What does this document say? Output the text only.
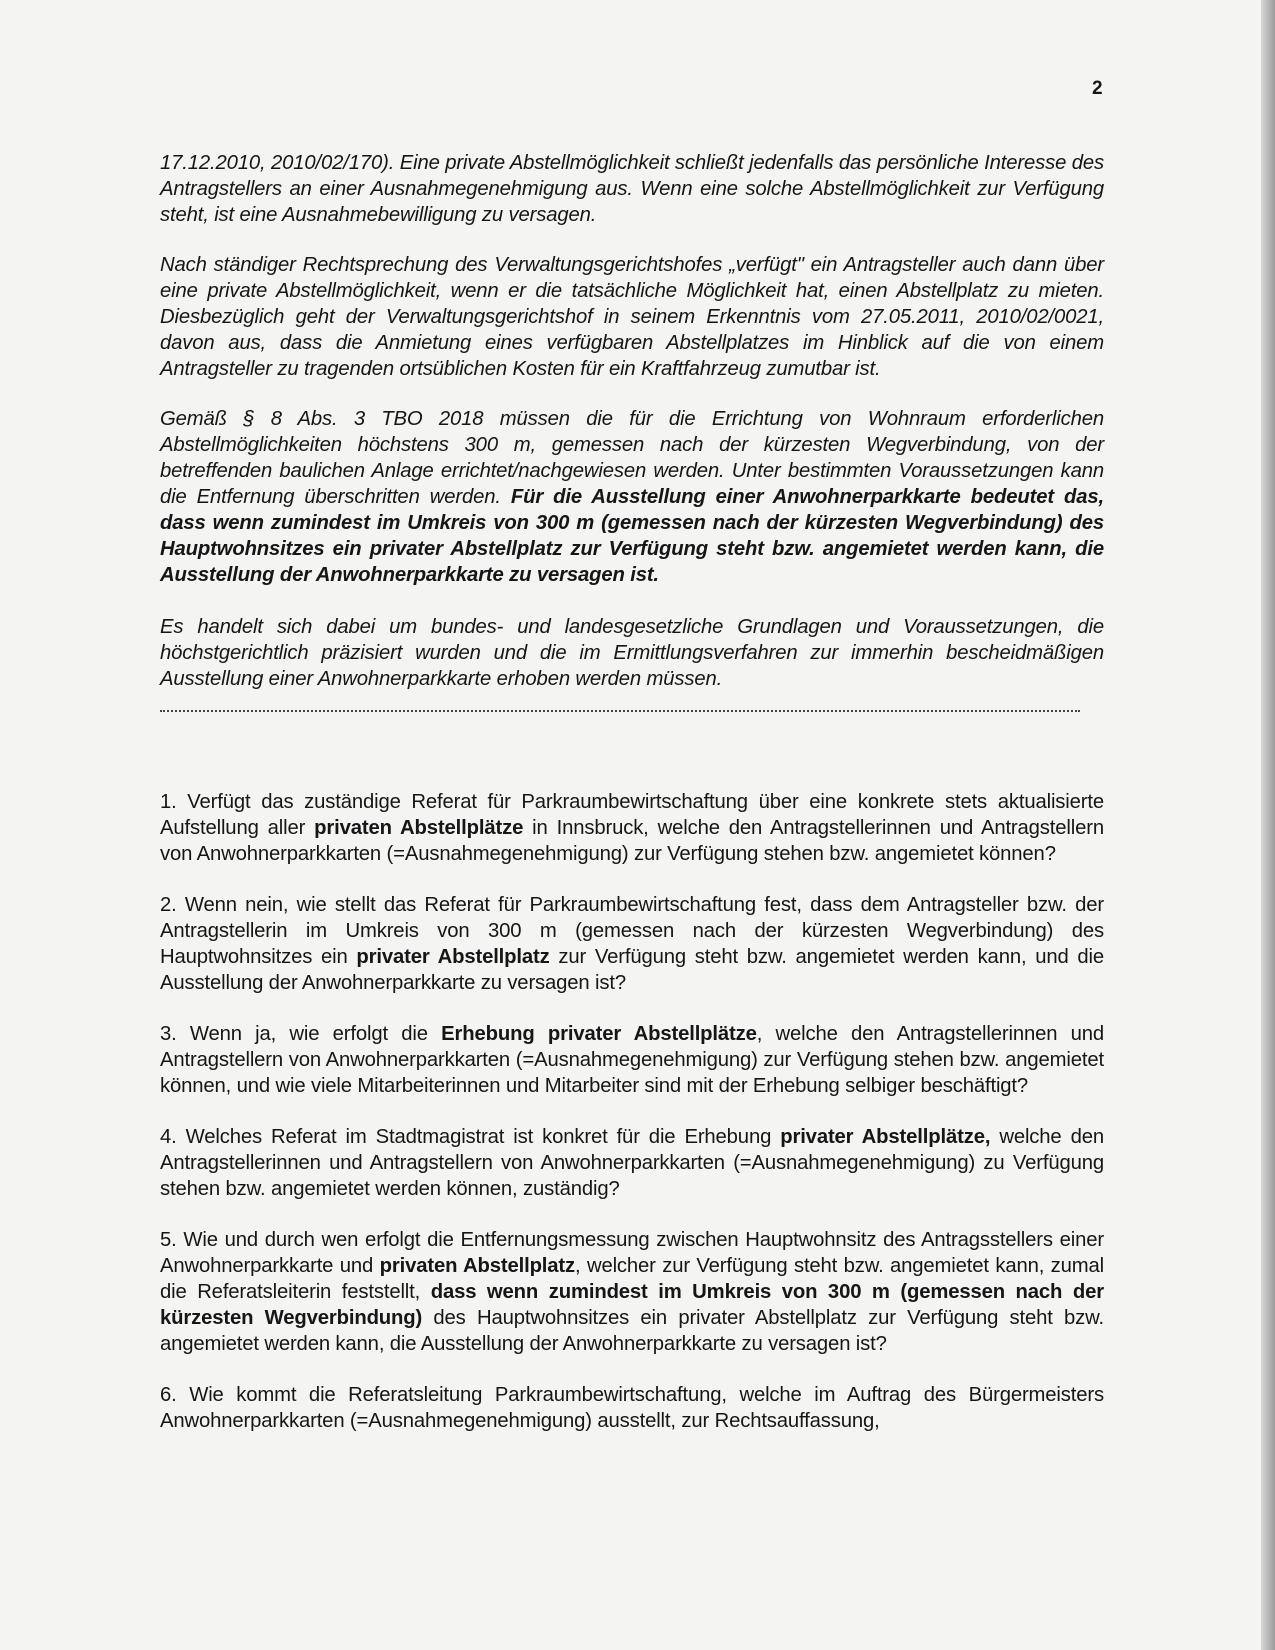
2

17.12.2010, 2010/02/170). Eine private Abstellmöglichkeit schließt jedenfalls das persönliche Interesse des Antragstellers an einer Ausnahmegenehmigung aus. Wenn eine solche Abstellmöglichkeit zur Verfügung steht, ist eine Ausnahmebewilligung zu versagen.

Nach ständiger Rechtsprechung des Verwaltungsgerichtshofes „verfügt" ein Antragsteller auch dann über eine private Abstellmöglichkeit, wenn er die tatsächliche Möglichkeit hat, einen Abstellplatz zu mieten. Diesbezüglich geht der Verwaltungsgerichtshof in seinem Erkenntnis vom 27.05.2011, 2010/02/0021, davon aus, dass die Anmietung eines verfügbaren Abstellplatzes im Hinblick auf die von einem Antragsteller zu tragenden ortsüblichen Kosten für ein Kraftfahrzeug zumutbar ist.

Gemäß § 8 Abs. 3 TBO 2018 müssen die für die Errichtung von Wohnraum erforderlichen Abstellmöglichkeiten höchstens 300 m, gemessen nach der kürzesten Wegverbindung, von der betreffenden baulichen Anlage errichtet/nachgewiesen werden. Unter bestimmten Voraussetzungen kann die Entfernung überschritten werden. Für die Ausstellung einer Anwohnerparkkarte bedeutet das, dass wenn zumindest im Umkreis von 300 m (gemessen nach der kürzesten Wegverbindung) des Hauptwohnsitzes ein privater Abstellplatz zur Verfügung steht bzw. angemietet werden kann, die Ausstellung der Anwohnerparkkarte zu versagen ist.

Es handelt sich dabei um bundes- und landesgesetzliche Grundlagen und Voraussetzungen, die höchstgerichtlich präzisiert wurden und die im Ermittlungsverfahren zur immerhin bescheidmäßigen Ausstellung einer Anwohnerparkkarte erhoben werden müssen.

1. Verfügt das zuständige Referat für Parkraumbewirtschaftung über eine konkrete stets aktualisierte Aufstellung aller privaten Abstellplätze in Innsbruck, welche den Antragstellerinnen und Antragstellern von Anwohnerparkkarten (=Ausnahmegenehmigung) zur Verfügung stehen bzw. angemietet können?

2. Wenn nein, wie stellt das Referat für Parkraumbewirtschaftung fest, dass dem Antragsteller bzw. der Antragstellerin im Umkreis von 300 m (gemessen nach der kürzesten Wegverbindung) des Hauptwohnsitzes ein privater Abstellplatz zur Verfügung steht bzw. angemietet werden kann, und die Ausstellung der Anwohnerparkkarte zu versagen ist?

3. Wenn ja, wie erfolgt die Erhebung privater Abstellplätze, welche den Antragstellerinnen und Antragstellern von Anwohnerparkkarten (=Ausnahmegenehmigung) zur Verfügung stehen bzw. angemietet können, und wie viele Mitarbeiterinnen und Mitarbeiter sind mit der Erhebung selbiger beschäftigt?

4. Welches Referat im Stadtmagistrat ist konkret für die Erhebung privater Abstellplätze, welche den Antragstellerinnen und Antragstellern von Anwohnerparkkarten (=Ausnahmegenehmigung) zu Verfügung stehen bzw. angemietet werden können, zuständig?

5. Wie und durch wen erfolgt die Entfernungsmessung zwischen Hauptwohnsitz des Antragsstellers einer Anwohnerparkkarte und privaten Abstellplatz, welcher zur Verfügung steht bzw. angemietet kann, zumal die Referatsleiterin feststellt, dass wenn zumindest im Umkreis von 300 m (gemessen nach der kürzesten Wegverbindung) des Hauptwohnsitzes ein privater Abstellplatz zur Verfügung steht bzw. angemietet werden kann, die Ausstellung der Anwohnerparkkarte zu versagen ist?

6. Wie kommt die Referatsleitung Parkraumbewirtschaftung, welche im Auftrag des Bürgermeisters Anwohnerparkkarten (=Ausnahmegenehmigung) ausstellt, zur Rechtsauffassung,
